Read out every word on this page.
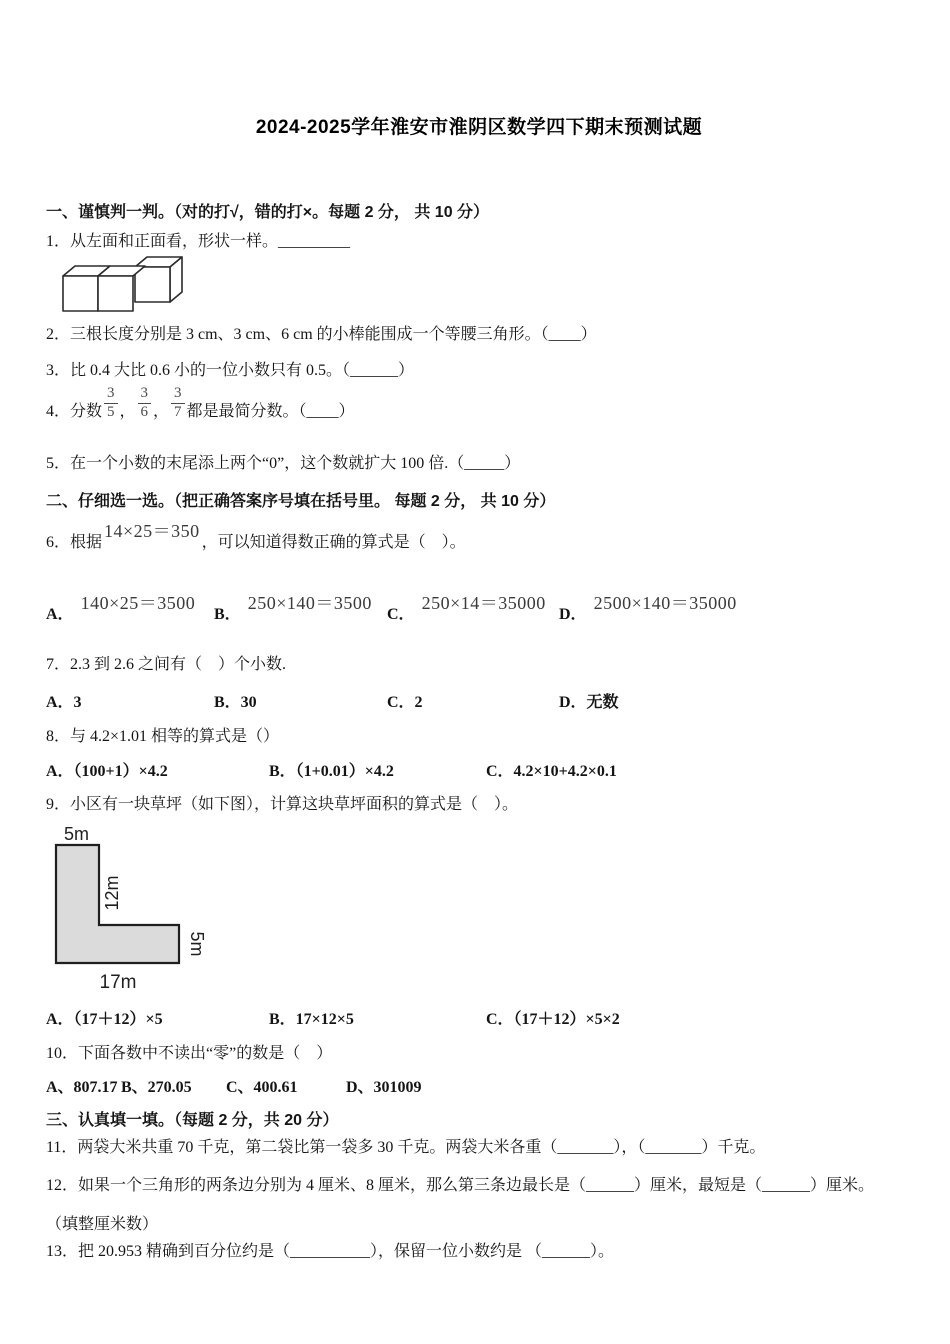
2024-2025学年淮安市淮阴区数学四下期末预测试题
一、谨慎判一判。（对的打√，错的打×。每题 2 分， 共 10 分）
1．从左面和正面看，形状一样。_________
2．三根长度分别是 3 cm、3 cm、6 cm 的小棒能围成一个等腰三角形。（____）
3．比 0.4 大比 0.6 小的一位小数只有 0.5。（______）
4．分数 $\frac{3}{5}$ ， $\frac{3}{6}$ ， $\frac{3}{7}$ 都是最简分数。（____）
5．在一个小数的末尾添上两个“0”，这个数就扩大 100 倍.（_____）
二、仔细选一选。（把正确答案序号填在括号里。 每题 2 分， 共 10 分）
6．根据14×25＝350，可以知道得数正确的算式是（　）。
A．140×25＝3500
B．250×140＝3500
C．250×14＝35000
D．2500×140＝35000
7．2.3 到 2.6 之间有（　）个小数.
A．3	B．30	C．2	D．无数
8．与 4.2×1.01 相等的算式是（）
A．（100+1）×4.2	B．（1+0.01）×4.2	C．4.2×10+4.2×0.1
9．小区有一块草坪（如下图），计算这块草坪面积的算式是（　）。
5m
12m
5m
17m
A．（17＋12）×5	B．17×12×5	C．（17＋12）×5×2
10．下面各数中不读出“零”的数是（　）
A、807.17 B、270.05	C、400.61	D、301009
三、认真填一填。（每题 2 分，共 20 分）
11．两袋大米共重 70 千克，第二袋比第一袋多 30 千克。两袋大米各重（_______），（_______）千克。
12．如果一个三角形的两条边分别为 4 厘米、8 厘米，那么第三条边最长是（______）厘米，最短是（______）厘米。
（填整厘米数）
13．把 20.953 精确到百分位约是（__________），保留一位小数约是 （______）。
